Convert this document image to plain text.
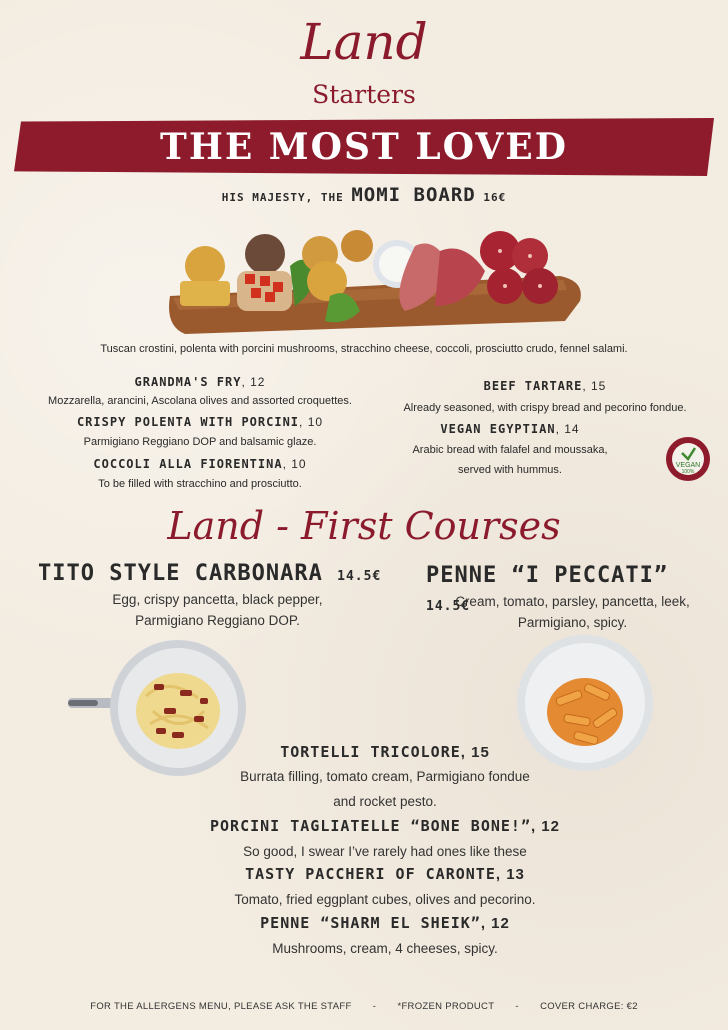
Land
Starters
THE MOST LOVED
HIS MAJESTY, THE MOMI BOARD 16€
Tuscan crostini, polenta with porcini mushrooms, stracchino cheese, coccoli, prosciutto crudo, fennel salami.
GRANDMA'S FRY, 12
Mozzarella, arancini, Ascolana olives and assorted croquettes.
CRISPY POLENTA WITH PORCINI, 10
Parmigiano Reggiano DOP and balsamic glaze.
COCCOLI ALLA FIORENTINA, 10
To be filled with stracchino and prosciutto.
BEEF TARTARE, 15
Already seasoned, with crispy bread and pecorino fondue.
VEGAN EGYPTIAN, 14
Arabic bread with falafel and moussaka,
served with hummus.	VEGAN
100%
Land - First Courses
TITO STYLE CARBONARA 14.5€
Egg, crispy pancetta, black pepper,
Parmigiano Reggiano DOP.
PENNE “I PECCATI” 14.5€
Cream, tomato, parsley, pancetta, leek,
Parmigiano, spicy.
TORTELLI TRICOLORE, 15
Burrata filling, tomato cream, Parmigiano fondue
and rocket pesto.
PORCINI TAGLIATELLE “BONE BONE!”, 12
So good, I swear I’ve rarely had ones like these
TASTY PACCHERI OF CARONTE, 13
Tomato, fried eggplant cubes, olives and pecorino.
PENNE “SHARM EL SHEIK”, 12
Mushrooms, cream, 4 cheeses, spicy.
FOR THE ALLERGENS MENU, PLEASE ASK THE STAFF - *FROZEN PRODUCT - COVER CHARGE: €2
